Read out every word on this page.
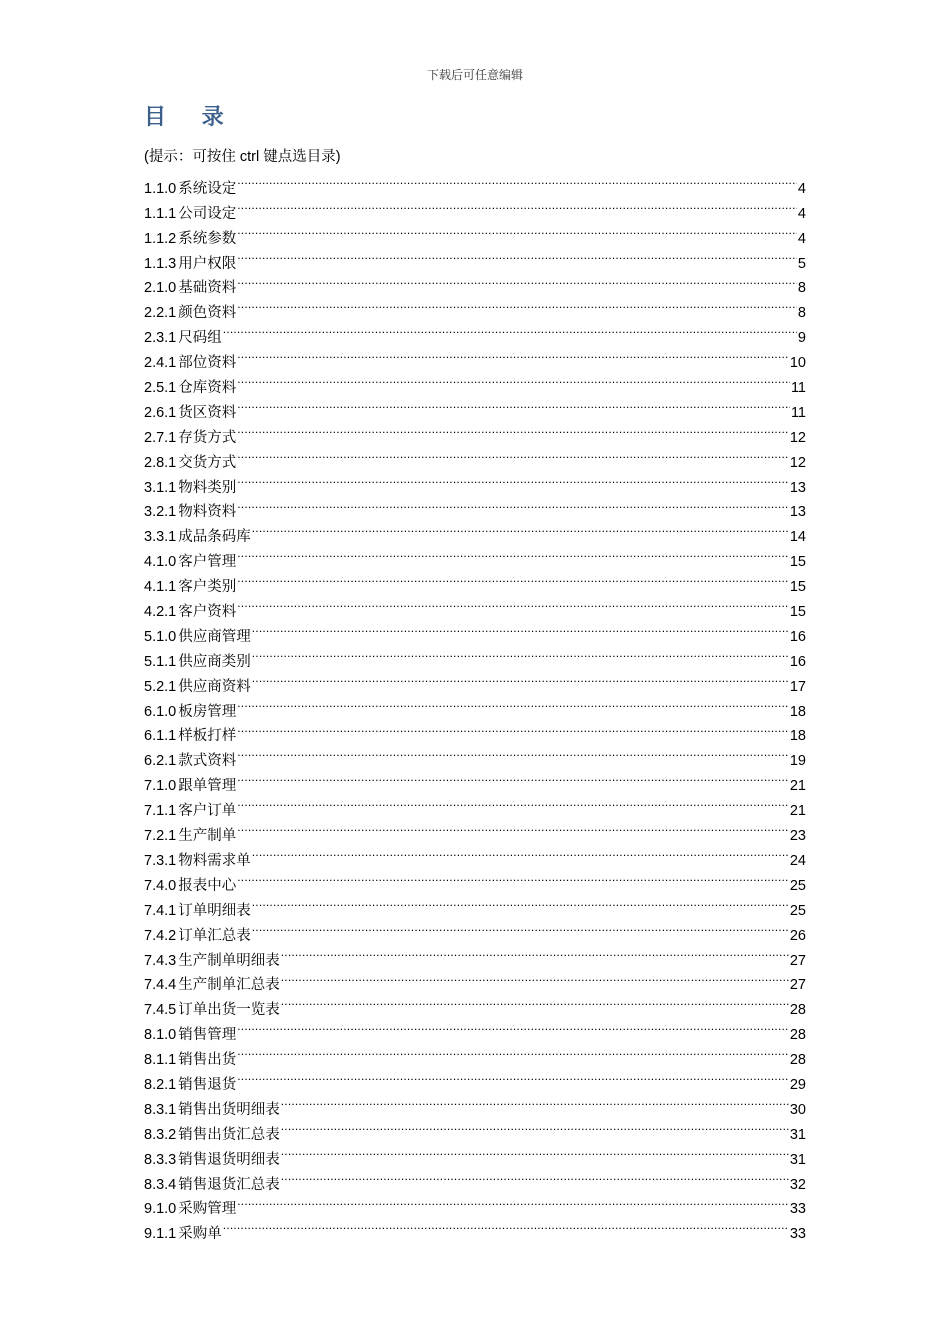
下载后可任意编辑
目 录
(提示：可按住 ctrl 键点选目录)
1.1.0 系统设定 .....	4
1.1.1 公司设定 .....	4
1.1.2 系统参数 .....	4
1.1.3 用户权限 .....	5
2.1.0 基础资料 .....	8
2.2.1 颜色资料 .....	8
2.3.1 尺码组 .....	9
2.4.1 部位资料 .....	10
2.5.1 仓库资料 .....	11
2.6.1 货区资料 .....	11
2.7.1 存货方式 .....	12
2.8.1 交货方式 .....	12
3.1.1 物料类别 .....	13
3.2.1 物料资料 .....	13
3.3.1 成品条码库 .....	14
4.1.0 客户管理 .....	15
4.1.1 客户类别 .....	15
4.2.1 客户资料 .....	15
5.1.0 供应商管理 .....	16
5.1.1 供应商类别 .....	16
5.2.1 供应商资料 .....	17
6.1.0 板房管理 .....	18
6.1.1 样板打样 .....	18
6.2.1 款式资料 .....	19
7.1.0 跟单管理 .....	21
7.1.1 客户订单 .....	21
7.2.1 生产制单 .....	23
7.3.1 物料需求单 .....	24
7.4.0 报表中心 .....	25
7.4.1 订单明细表 .....	25
7.4.2 订单汇总表 .....	26
7.4.3 生产制单明细表 .....	27
7.4.4 生产制单汇总表 .....	27
7.4.5 订单出货一览表 .....	28
8.1.0 销售管理 .....	28
8.1.1 销售出货 .....	28
8.2.1 销售退货 .....	29
8.3.1 销售出货明细表 .....	30
8.3.2 销售出货汇总表 .....	31
8.3.3 销售退货明细表 .....	31
8.3.4 销售退货汇总表 .....	32
9.1.0 采购管理 .....	33
9.1.1 采购单 .....	33
